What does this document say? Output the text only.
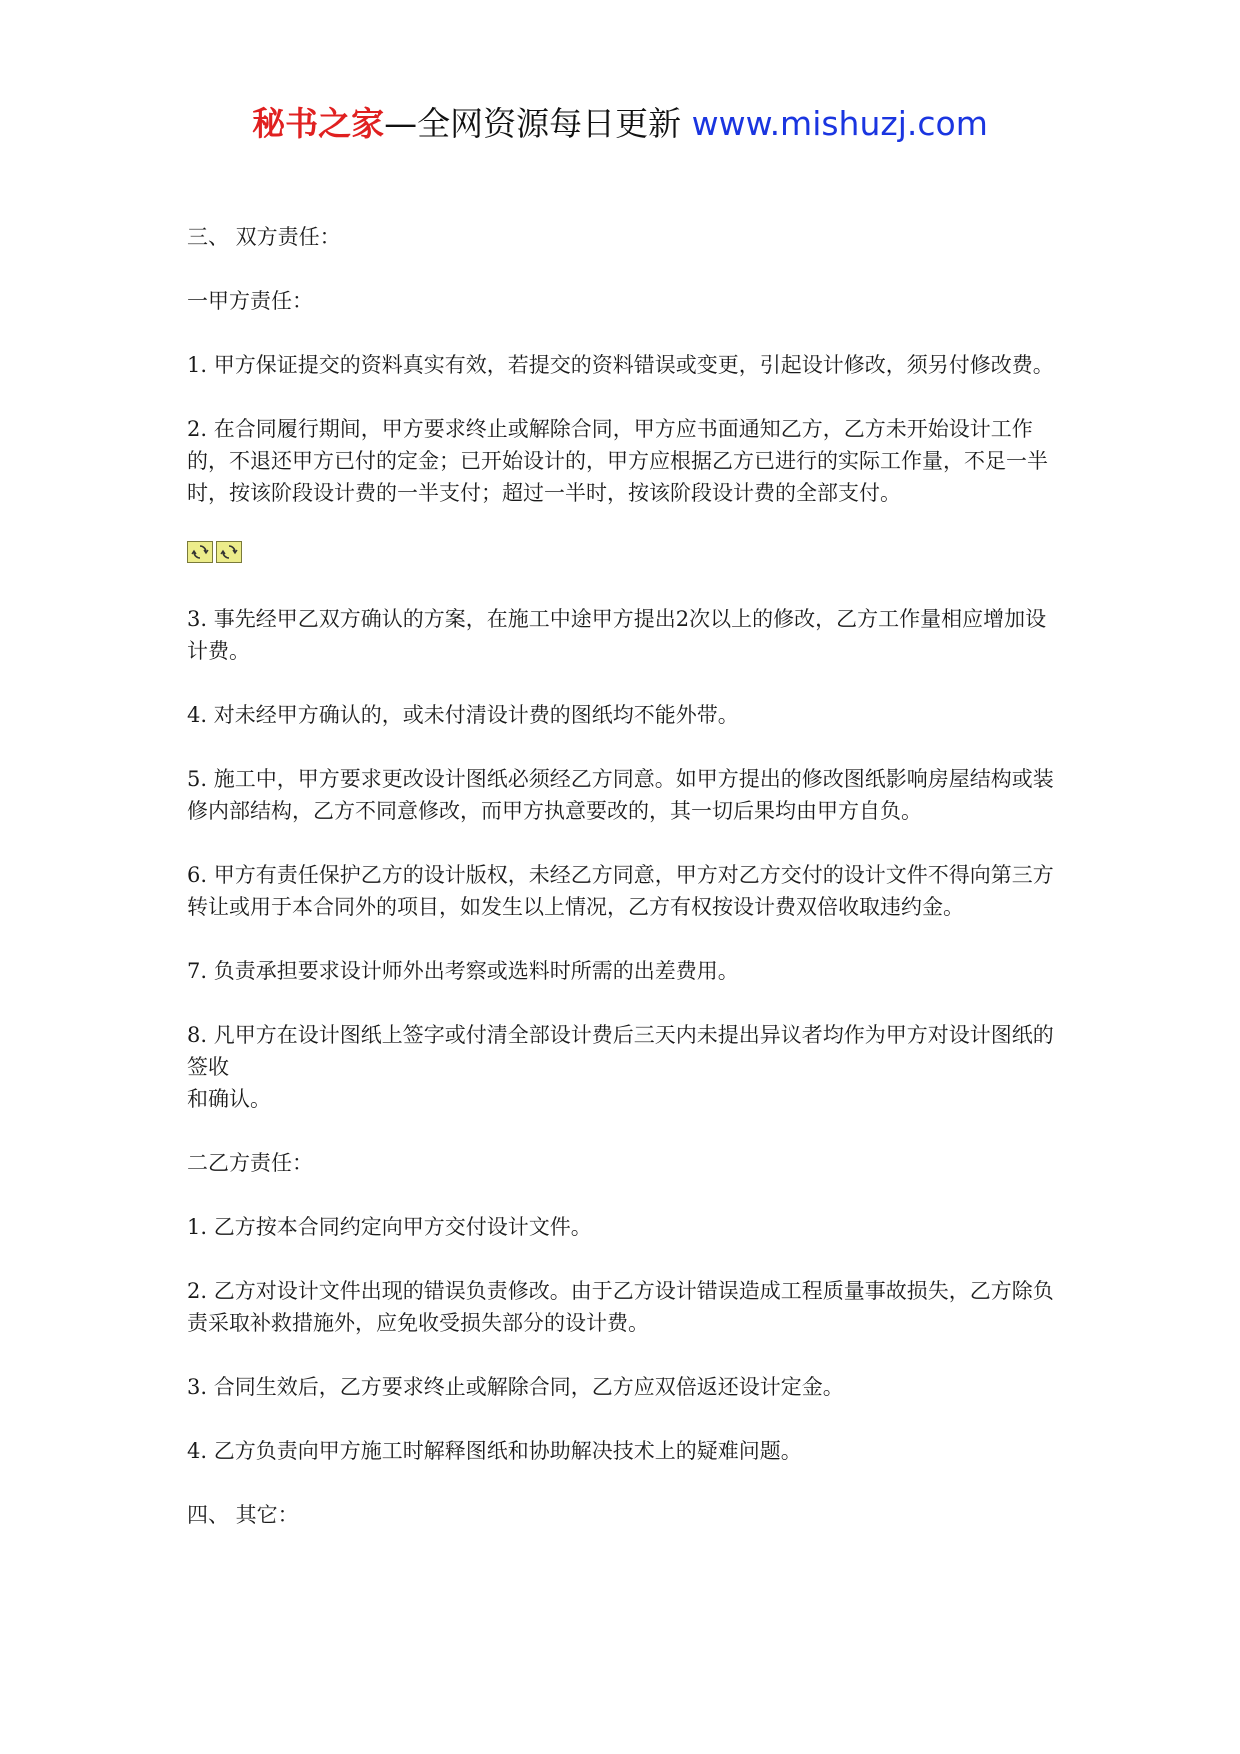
秘书之家—全网资源每日更新 www.mishuzj.com

三、 双方责任：

一甲方责任：

1. 甲方保证提交的资料真实有效，若提交的资料错误或变更，引起设计修改，须另付修改费。

2. 在合同履行期间，甲方要求终止或解除合同，甲方应书面通知乙方，乙方未开始设计工作的，不退还甲方已付的定金；已开始设计的，甲方应根据乙方已进行的实际工作量，不足一半时，按该阶段设计费的一半支付；超过一半时，按该阶段设计费的全部支付。

3. 事先经甲乙双方确认的方案，在施工中途甲方提出2次以上的修改，乙方工作量相应增加设计费。

4. 对未经甲方确认的，或未付清设计费的图纸均不能外带。

5. 施工中，甲方要求更改设计图纸必须经乙方同意。如甲方提出的修改图纸影响房屋结构或装修内部结构，乙方不同意修改，而甲方执意要改的，其一切后果均由甲方自负。

6. 甲方有责任保护乙方的设计版权，未经乙方同意，甲方对乙方交付的设计文件不得向第三方转让或用于本合同外的项目，如发生以上情况，乙方有权按设计费双倍收取违约金。

7. 负责承担要求设计师外出考察或选料时所需的出差费用。

8. 凡甲方在设计图纸上签字或付清全部设计费后三天内未提出异议者均作为甲方对设计图纸的签收
和确认。

二乙方责任：

1. 乙方按本合同约定向甲方交付设计文件。

2. 乙方对设计文件出现的错误负责修改。由于乙方设计错误造成工程质量事故损失，乙方除负责采取补救措施外，应免收受损失部分的设计费。

3. 合同生效后，乙方要求终止或解除合同，乙方应双倍返还设计定金。

4. 乙方负责向甲方施工时解释图纸和协助解决技术上的疑难问题。

四、 其它：
